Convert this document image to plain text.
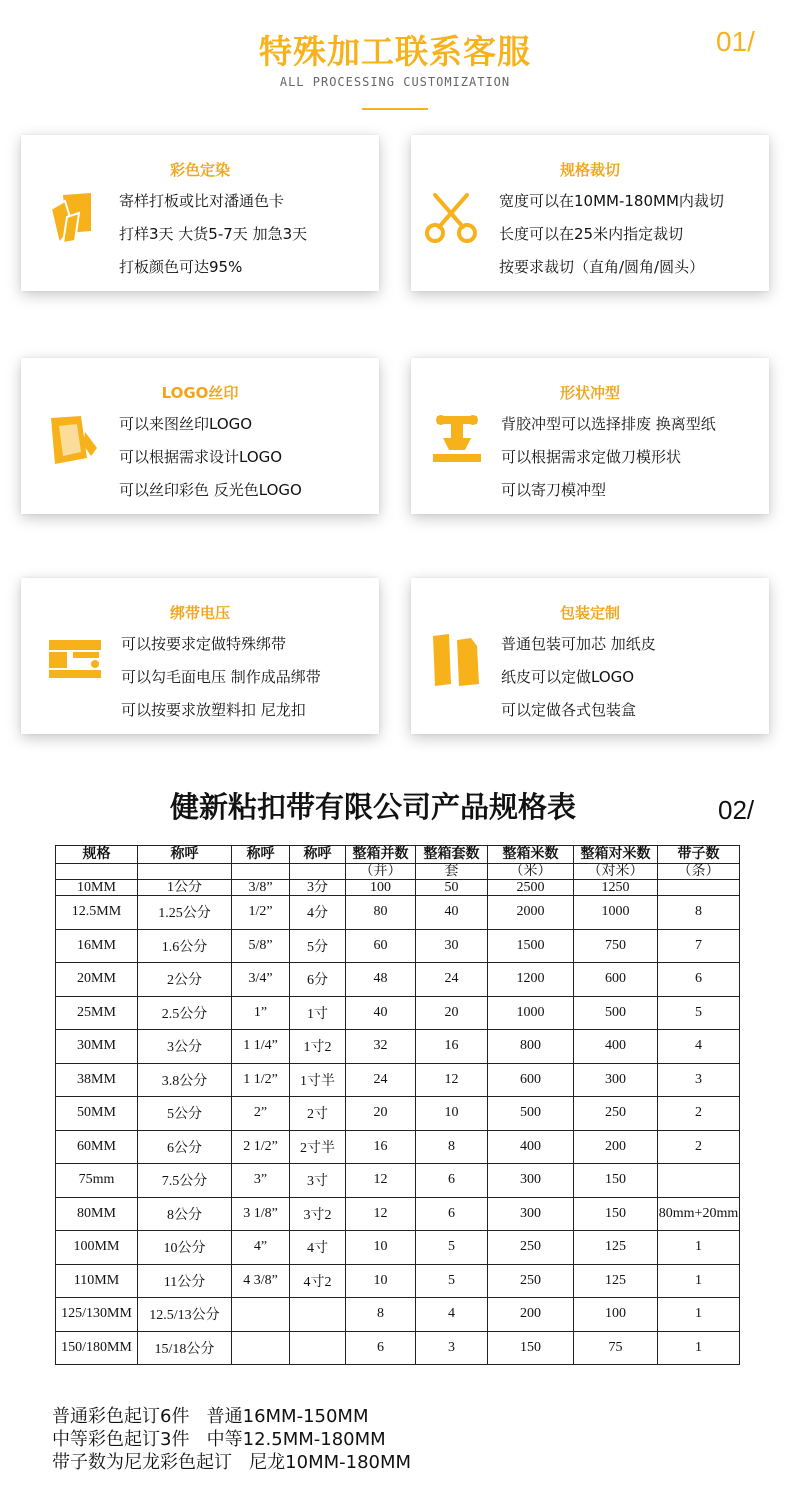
特殊加工联系客服	01/
ALL PROCESSING CUSTOMIZATION
彩色定染
寄样打板或比对潘通色卡
打样3天 大货5-7天 加急3天
打板颜色可达95%
规格裁切
宽度可以在10MM-180MM内裁切
长度可以在25米内指定裁切
按要求裁切（直角/圆角/圆头）
LOGO丝印
可以来图丝印LOGO
可以根据需求设计LOGO
可以丝印彩色 反光色LOGO
形状冲型
背胶冲型可以选择排废 换离型纸
可以根据需求定做刀模形状
可以寄刀模冲型
绑带电压
可以按要求定做特殊绑带
可以勾毛面电压 制作成品绑带
可以按要求放塑料扣 尼龙扣
包装定制
普通包装可加芯 加纸皮
纸皮可以定做LOGO
可以定做各式包装盒
健新粘扣带有限公司产品规格表	02/
规格	称呼	称呼	称呼	整箱并数	整箱套数	整箱米数	整箱对米数	带子数
				（并）	套	（米）	（对米）	（条）
10MM	1公分	3/8”	3分	100	50	2500	1250	
12.5MM	1.25公分	1/2”	4分	80	40	2000	1000	8
16MM	1.6公分	5/8”	5分	60	30	1500	750	7
20MM	2公分	3/4”	6分	48	24	1200	600	6
25MM	2.5公分	1”	1寸	40	20	1000	500	5
30MM	3公分	1 1/4”	1寸2	32	16	800	400	4
38MM	3.8公分	1 1/2”	1寸半	24	12	600	300	3
50MM	5公分	2”	2寸	20	10	500	250	2
60MM	6公分	2 1/2”	2寸半	16	8	400	200	2
75mm	7.5公分	3”	3寸	12	6	300	150	
80MM	8公分	3 1/8”	3寸2	12	6	300	150	80mm+20mm
100MM	10公分	4”	4寸	10	5	250	125	1
110MM	11公分	4 3/8”	4寸2	10	5	250	125	1
125/130MM	12.5/13公分			8	4	200	100	1
150/180MM	15/18公分			6	3	150	75	1
普通彩色起订6件   普通16MM-150MM
中等彩色起订3件   中等12.5MM-180MM
带子数为尼龙彩色起订   尼龙10MM-180MM
